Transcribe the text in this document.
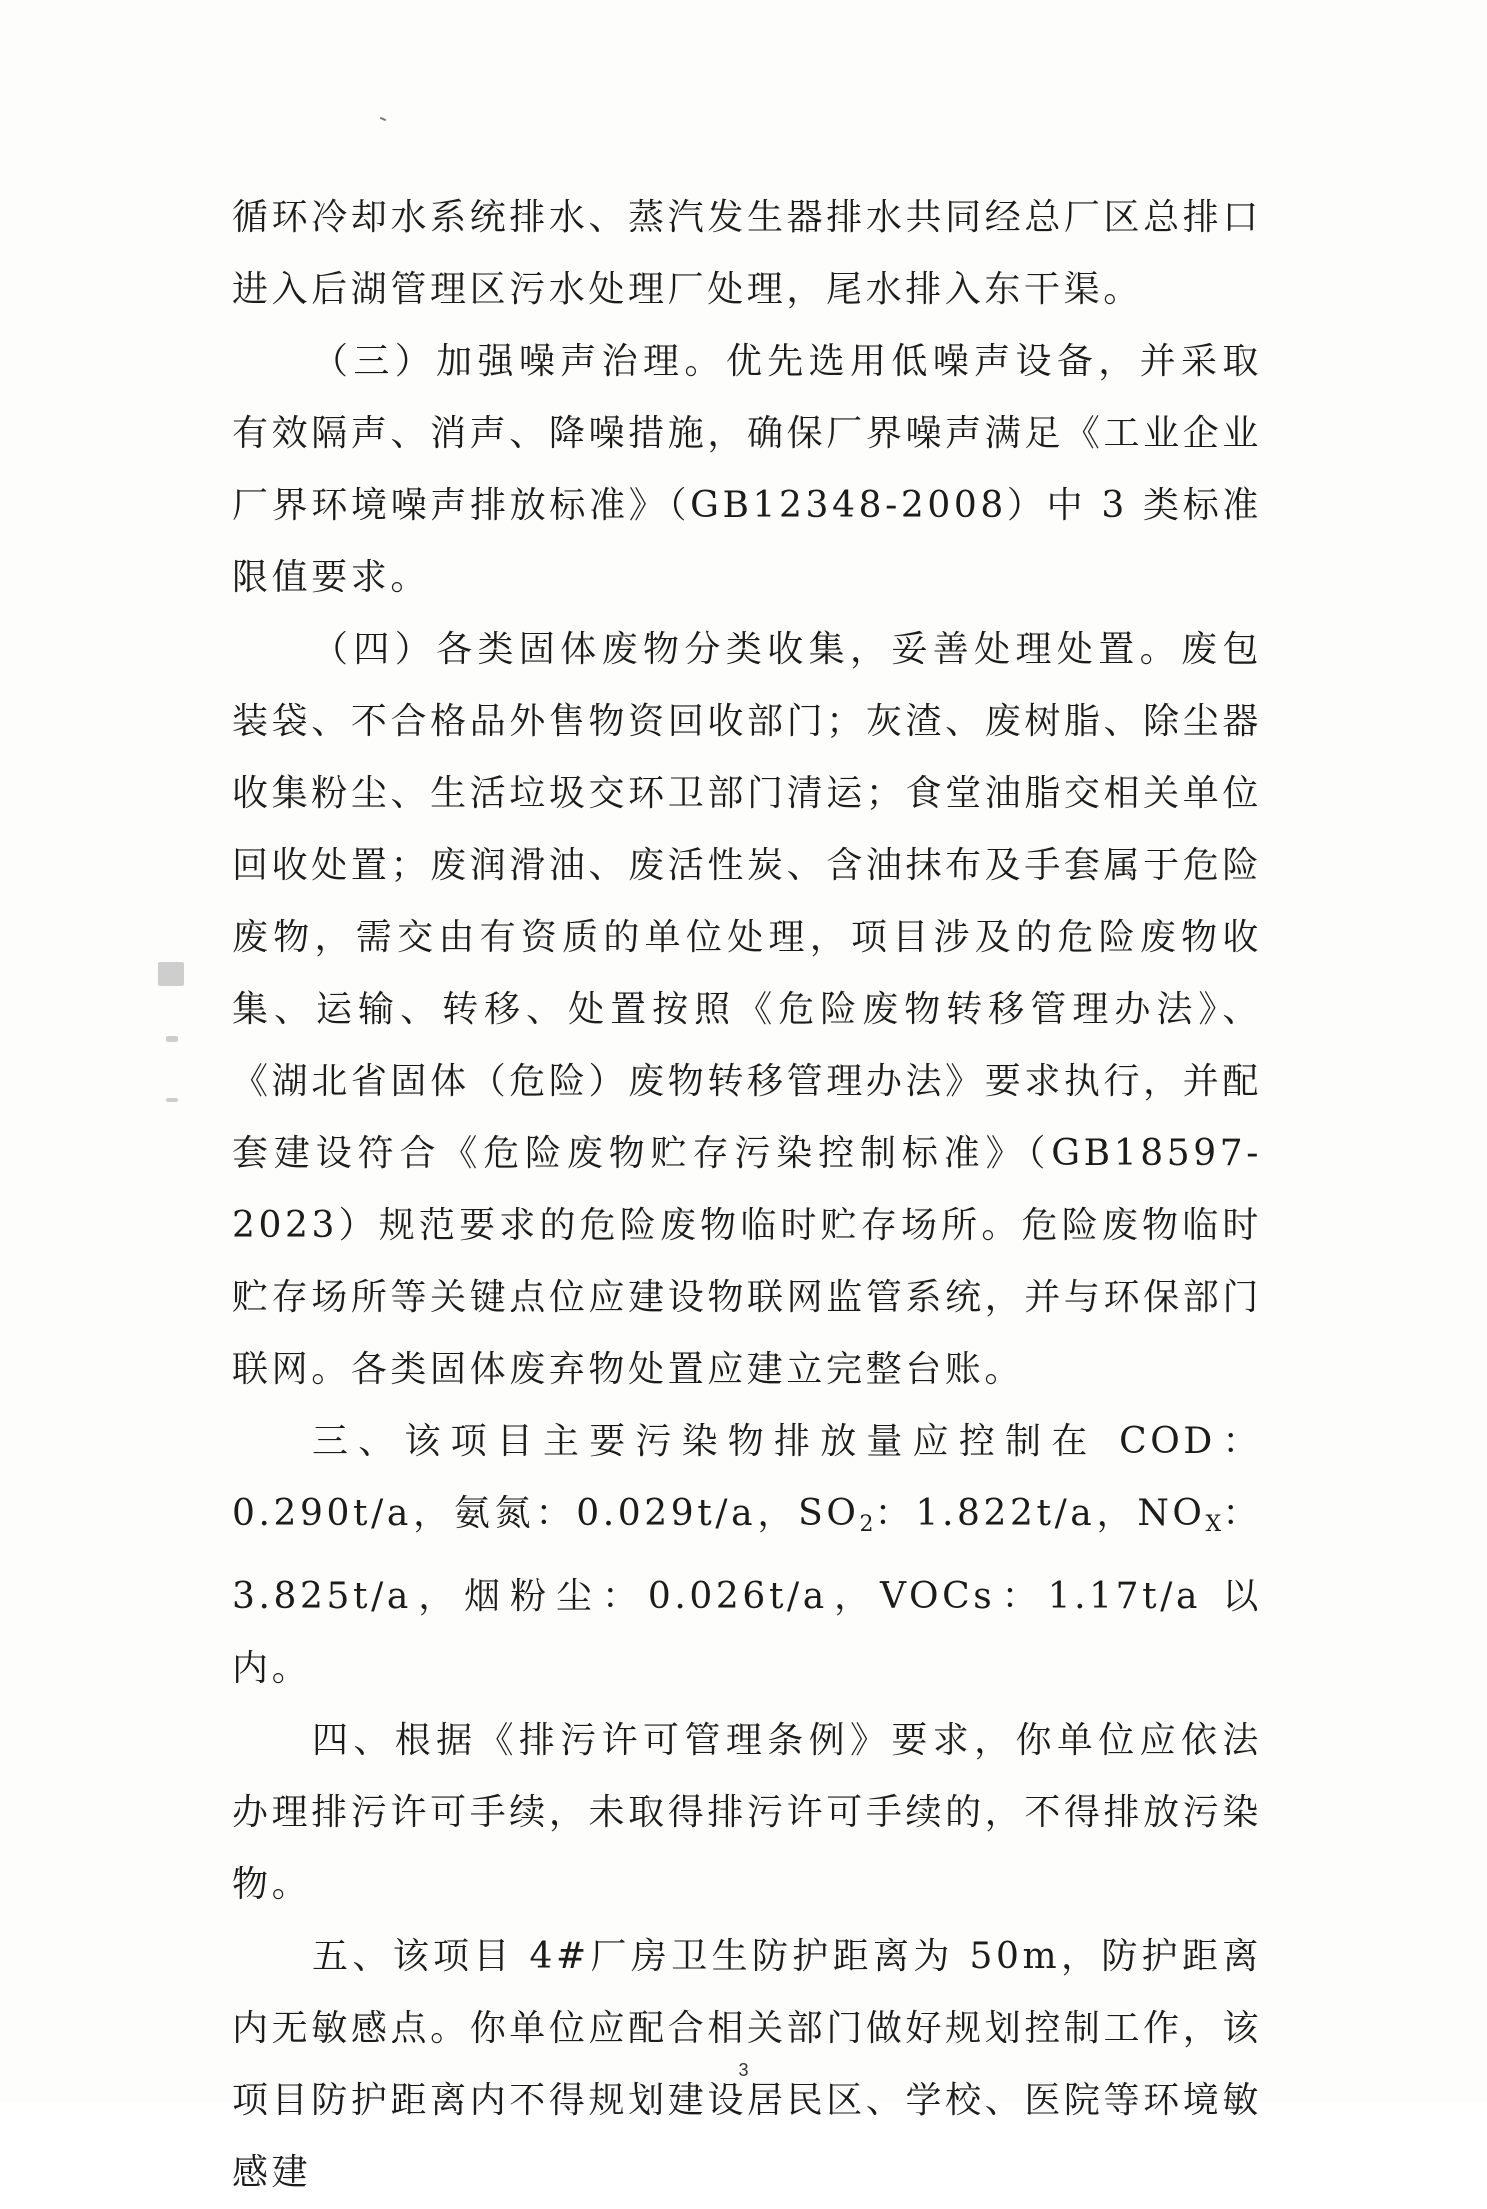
循环冷却水系统排水、蒸汽发生器排水共同经总厂区总排口进入后湖管理区污水处理厂处理，尾水排入东干渠。

（三）加强噪声治理。优先选用低噪声设备，并采取有效隔声、消声、降噪措施，确保厂界噪声满足《工业企业厂界环境噪声排放标准》（GB12348-2008）中 3 类标准限值要求。

（四）各类固体废物分类收集，妥善处理处置。废包装袋、不合格品外售物资回收部门；灰渣、废树脂、除尘器收集粉尘、生活垃圾交环卫部门清运；食堂油脂交相关单位回收处置；废润滑油、废活性炭、含油抹布及手套属于危险废物，需交由有资质的单位处理，项目涉及的危险废物收集、运输、转移、处置按照《危险废物转移管理办法》、《湖北省固体（危险）废物转移管理办法》要求执行，并配套建设符合《危险废物贮存污染控制标准》（GB18597-2023）规范要求的危险废物临时贮存场所。危险废物临时贮存场所等关键点位应建设物联网监管系统，并与环保部门联网。各类固体废弃物处置应建立完整台账。

三、该项目主要污染物排放量应控制在 COD：0.290t/a，氨氮：0.029t/a，$SO_2$：1.822t/a，$NO_X$：3.825t/a，烟粉尘：0.026t/a，VOCs：1.17t/a 以内。

四、根据《排污许可管理条例》要求，你单位应依法办理排污许可手续，未取得排污许可手续的，不得排放污染物。

五、该项目 4#厂房卫生防护距离为 50m，防护距离内无敏感点。你单位应配合相关部门做好规划控制工作，该项目防护距离内不得规划建设居民区、学校、医院等环境敏感建

3
